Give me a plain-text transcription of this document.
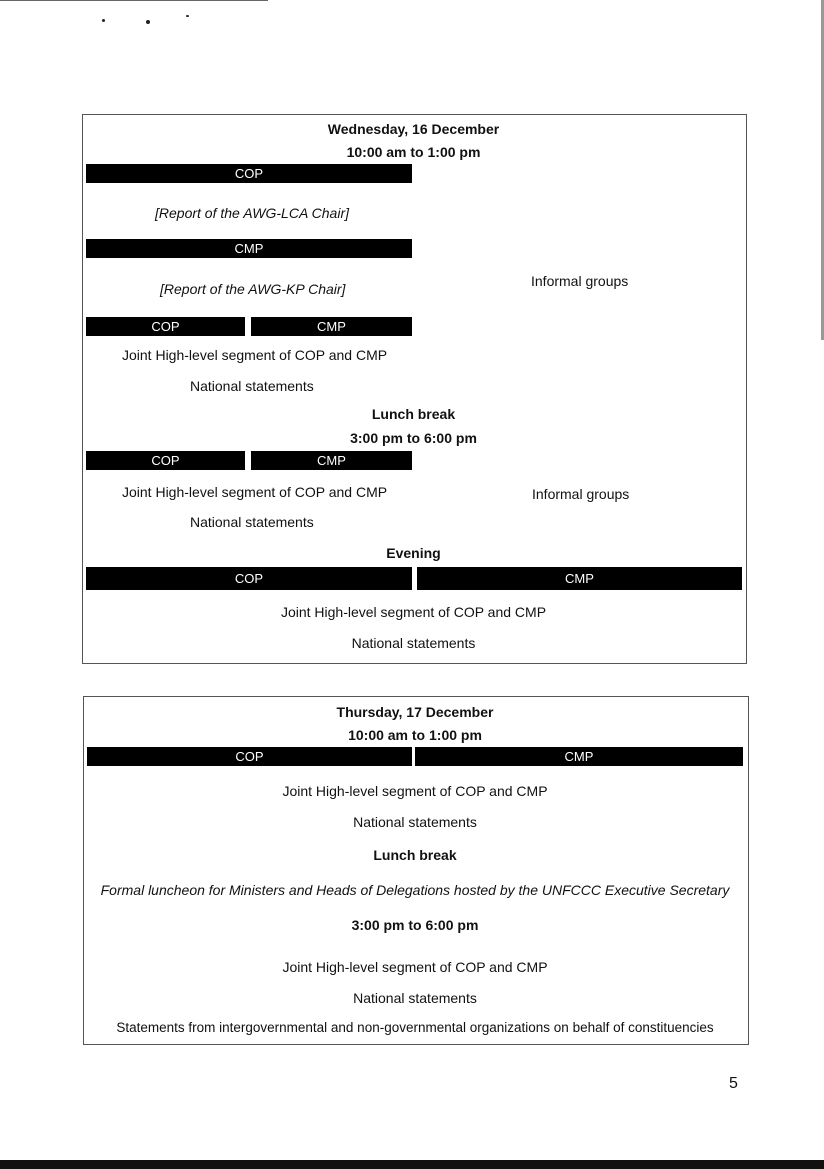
Wednesday, 16 December
10:00 am to 1:00 pm
COP
[Report of the AWG-LCA Chair]
CMP
[Report of the AWG-KP Chair]	Informal groups
COP	CMP
Joint High-level segment of COP and CMP
National statements
Lunch break
3:00 pm to 6:00 pm
COP	CMP
Joint High-level segment of COP and CMP	Informal groups
National statements
Evening
COP	CMP
Joint High-level segment of COP and CMP
National statements
Thursday, 17 December
10:00 am to 1:00 pm
COP	CMP
Joint High-level segment of COP and CMP
National statements
Lunch break
Formal luncheon for Ministers and Heads of Delegations hosted by the UNFCCC Executive Secretary
3:00 pm to 6:00 pm
Joint High-level segment of COP and CMP
National statements
Statements from intergovernmental and non-governmental organizations on behalf of constituencies
5
